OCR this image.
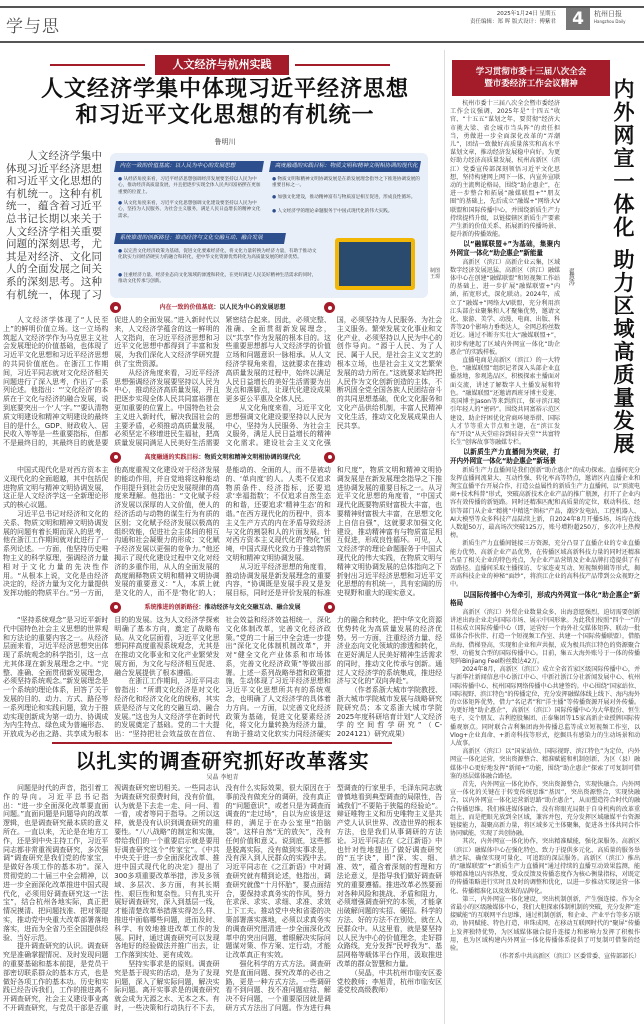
学与思
2025年1月24日 星期五
责任编辑：郑 晖 版式设计：傅紫君 4	杭州日报
Hangzhou Daily
人文经济与杭州实践
人文经济学集中体现习近平经济思想
和习近平文化思想的有机统一
鲁明川
人文经济学集中体现习近平经济思想和习近平文化思想的有机统一。这种有机统一，蕴含着习近平总书记长期以来关于人文经济学相关重要问题的深刻思考，尤其是对经济、文化同人的全面发展之间关系的深刻思考。这种有机统一，体现了习
内在一致的价值基底：以人民为中心的发展思想
● 从经济角度来看，习近平经济思想强调经济发展要坚持以人民为中心，推动经济高质量发展，并且把逐步实现全体人民共同富裕摆在更加重要的位置上。
● 从文化角度来看，习近平文化思想强调文化建设要坚持以人民为中心，坚持为人民服务、为社会主义服务，满足人民日益增长的精神文化需求。
高度融通的实践目标：物质文明和精神文明相协调的现代化
● 物质文明和精神文明协调发展是在新发展理念指导之下推进协调发展的重要目标之一。
● 加强文化建设，推动精神富有与物质富足相互促进，形成良性循环。
● 人文经济学的理论命题服务于中国式现代化的伟大实践。
系统推进的创新路径：推动经济与文化交融互动、融合发展
● 以完善文化经济政策为基础，促进文化要素经济化，将文化力量转换为经济力量，有助于推动文化软实力同经济硬实力的融合和转化，把中华文化资源优势转化为高质量发展的经济优势。
● 注重经济力量、经济业态向文化领域的渗透和转化，在更好满足人民美好精神生活需求的同时，推动文化传承与创新。
制图 王璟
内在一致的价值基底：以人民为中心的发展思想

人文经济学体现了“人民至上”的鲜明价值立场。这一立场构筑起人文经济学作为马克思主义社会发展理论的价值基础，也体现了习近平文化思想和习近平经济思想的共同价值底色。在浙江工作期间，习近平同志就对文化经济相关问题进行了深入思考，作出了一系列论述。他指出：“‘文化经济’的本质在于文化与经济的融合发展，说到底要突出一个‘人’字。”“要认清物质文明建设和精神文明建设的最终目的是什么，GDP、财政收入、居民收入等等是一些重要指标，但都不是最终目的，其最终目的就是要促进人的全面发展。”进入新时代以来，人文经济学蕴含的这一鲜明的人文指向，在习近平经济思想和习近平文化思想中都得到了丰富和发展，为我们深化人文经济学研究提供了宝贵资源。

从经济角度来看，习近平经济思想强调经济发展要坚持以人民为中心，推动经济高质量发展，并且把逐步实现全体人民共同富裕摆在更加重要的位置上。中国特色社会主义进入新时代，解决我国社会的主要矛盾，必须推动高质量发展，必须坚定不移增进民生福祉，把高质量发展同满足人民美好生活需要紧密结合起来。因此，必须完整、准确、全面贯彻新发展理念，以“共享”作为发展的根本目的。这些重要思想都与人文经济学的价值立场和问题意识一脉相承。从人文经济学视角来看，这就要求在推动高质量发展的过程中，始终以满足人民日益增长的美好生活需要为出发点和落脚点，让现代化建设成果更多更公平惠及全体人民。

从文化角度来看，习近平文化思想强调文化建设要坚持以人民为中心，坚持为人民服务、为社会主义服务，满足人民日益增长的精神文化需求。建设社会主义文化强国，必须坚持为人民服务、为社会主义服务。繁荣发展文化事业和文化产业，必须坚持以人民为中心的创作导向。“源于人民、为了人民、属于人民，是社会主义文艺的根本立场，也是社会主义文艺繁荣发展的动力所在。”这就要求始终把人民作为文化创新创造的主体，不断巩固全党全国各族人民团结奋斗的共同思想基础，优化文化服务和文化产品供给机制，丰富人民精神文化生活，推动文化发展成果由人民共享。

高度融通的实践目标：物质文明和精神文明相协调的现代化

中国式现代化是对西方资本主义现代化的全面超越，其中包括促进物质文明与精神文明协调发展，这正是人文经济学这一全新理论形式的核心议题。

习近平总书记对经济和文化的关系、物质文明和精神文明协调发展的问题有着长期而深入的思考，他在浙江工作期间就对此进行了一系列论述。一方面，他坚持历史唯物主义的科学原理，强调经济力量相对于文化力量的先决性作用。“从根本上说，文化是由经济决定的，经济力量为文化力量提供发挥功能的物质平台。”另一方面，他高度重视文化建设对于经济发展的能动作用，并自觉地将这种能动作用提升到社会历史发展规律的高度来理解。他指出：“文化赋予经济发展以深厚的人文价值，使人的经济活动与动物的谋生行为有质的区别；文化赋予经济发展以极高的组织效能，促进社会主体间的相互沟通和社会凝聚力的形成；文化赋予经济发展以更强的竞争力。”他还揭示了现代化建设过程中文化对经济的多重作用，从人的全面发展的高度阐释物质文明和精神文明协调发展的重要意义：“人，本质上就是文化的人，而不是‘物化’的人；是能动的、全面的人，而不是被动的、‘单向度’的人。人类不仅追求物质条件、经济指标，还要追求‘幸福指数’；不仅追求自然生态的和谐，还要追求‘精神生态’的和谐。”在西方现代化的历程中，资本主义生产方式的内在矛盾导致经济与文化的割裂和人的片面发展。针对西方资本主义现代化的“物化”困境，中国式现代化致力于推动物质文明和精神文明协调发展。

从习近平经济思想的角度看，推动协调发展是新发展理念的重要内容，“协调既是发展手段又是发展目标，同时还是评价发展的标准和尺度”，物质文明和精神文明协调发展是在新发展理念指导之下推进协调发展的重要目标之一。从习近平文化思想的角度看，“中国式现代化既要物质财富极大丰富，也要精神财富极大丰富，在思想文化上自信自强”，这就要求加强文化建设，推动精神富有与物质富足相互促进，形成良性循环。可见，人文经济学的理论命题服务于中国式现代化的伟大实践，在物质文明与精神文明协调发展的总体指向之下折射出习近平经济思想和习近平文化思想的有机统一，具有宏阔的历史视野和重大的现实意义。

系统推进的创新路径：推动经济与文化交融互动、融合发展

“坚持系统观念”是习近平新时代中国特色社会主义思想的世界观和方法论的重要内容之一。从经济层面来看，习近平经济思想突出体现了系统观念的科学指引，这一点尤其体现在新发展理念之中。“完整、准确、全面贯彻新发展理念，必须坚持系统观念。”新发展理念是一个系统的理论体系，回答了关于发展的目的、动力、方式、路径等一系列理论和实践问题，致力于推动实现创新成为第一动力、协调成为内生特点、绿色成为普遍形态、开放成为必由之路、共享成为根本目的的发展。这为人文经济学探索明确了基本方向，奠定了战略布局。从文化层面看，习近平文化思想同样高度重视系统观念，尤其是在推动文化事业和文化产业繁荣发展方面，为文化与经济相互促进、融合发展提供了根本遵循。

在浙江工作期间，习近平同志曾指出：“所谓文化经济是对文化经济化和经济文化化的统称，其实质是经济与文化的交融互动、融合发展。”这也为人文经济学在新时代的发展奠定了基础。党的二十大提出：“坚持把社会效益放在首位、社会效益和经济效益相统一，深化文化体制改革，完善文化经济政策。”党的二十届三中全会进一步提出“深化文化体制机制改革”，并对“健全文化产业体系和市场体系，完善文化经济政策”等做出部署。上述一系列战略举措和政策措施，生动体现了习近平经济思想和习近平文化思想所共有的系统观念，也明确了人文经济学的具体着力方向。一方面，以完善文化经济政策为基础，促进文化要素经济化，将文化力量转换为经济力量，有助于推动文化软实力同经济硬实力的融合和转化，把中华文化资源优势转化为高质量发展的经济优势。另一方面，注重经济力量、经济业态向文化领域的渗透和转化，在更好满足人民美好精神生活需求的同时，推动文化传承与创新。通过人文经济学的系统集成，推进经济与文化的“双向奔赴”。

（作者系浙大城市学院教授、浙大城市学院城市发展与战略研究院研究员；本文系浙大城市学院2025年度科研培育计划“人文经济学的空间哲学研究”（C-2024121）研究成果）

以扎实的调查研究抓好改革落实
吴晶 李旭青

问题是时代的声音，指引着工作的导向。习近平总书记指出：“进一步全面深化改革要直面问题。”直面问题是问题导向的改革逻辑，也是调查研究最本质的意义所在。一直以来，无论是在地方工作，还是到中央主持工作，习近平同志都非常重视调查研究，多次强调“调查研究是我们党的传家宝，是做好各项工作的基本功”。深入贯彻党的二十届三中全会精神，以进一步全面深化改革推进中国式现代化，必须用好调查研究这一“法宝”，结合杭州各地实际，真正把情况摸清、把问题找准、把对策提实，推动党中央重大改革部署落地落实，进而为全省乃至全国提供经验、当好示范。

提升调查研究的认识。调查研究是准确掌握情况、及时发现问题的重要基础和基本前提，是党员干部密切联系群众的基本方式，也是做好各项工作的基本功。历史和实践已经告诉我们，工作的推进离不开调查研究，社会主义建设事业离不开调查研究，与党员干部是否重视调查研究密切相关。一些同志认为调查研究很费时间，没有价值，认为就是下去走一走、问一问、看一看，或者等同于指导。之所以这样，就是没有认识到调查研究的重要性。“八八战略”的制定和实施，带给我们的一个重要启示就是要用好调查研究这个“传家宝”。《中共中央关于进一步全面深化改革、推进中国式现代化的决定》提出了300多项重要改革举措，涉及多领域、多层次、多方面，有其长期性、艰巨性和复杂性。只有扎实开展好调查研究，深入到基层一线，才能清楚改革举措落实得怎么样、推进中面临哪些问题，进而及时、科学、有效地推进改革工作的发展。同时，通过调查研究可以发现各地好的经验做法并推广出去，让工作落到实处、更有成效。

坚持实事求是的原则。调查研究是基于现实的活动，是为了发现问题，深入了解实际问题，解决实际问题。离开实事求是的调查研究就会成为无源之水、无本之木。有时，一些决策和行动执行不下去，没有什么实际效果，很大原因在于事前没有做充分的调研，没有真正的“问题意识”，或者只是为调查而调查的“走过场”，自以为应该是这样的，满足于在办公室里“拍脑袋”。这样自然“无的放矢”，没有任何价值和意义。说到底，这些都是脱离实际，没有做到实事求是，没有深入到人民群众的实践中去。习近平同志在《之江新语》中对调查研究就有精到论述，他指出，调查研究就像“十月怀胎”，要点面结合，要保持求真务实的作风，努力在求深、求实、求细、求准、求效上下工夫。推动党中央和省委的决策部署落实落地，必须以求真务实的调查研究厘清进一步全面深化改革中的突出问题，着眼解决实际问题谋对策、作方案、定行动，才能让改革真正有实效。

强化科学的方式方法。调查研究是直面问题、探究改革的必由之路，更是一种方式方法。一些调研看不到问题、找不准问题症结、解决不好问题，一个重要原因就是调研方式方法出了问题。作为进行典型调查的行家里手，毛泽东同志就曾慎地看到典型调查的局限性，告诫我们“不要陷于狭隘的经验论”。辩证唯物主义和历史唯物主义是共产党人认识世界、改造世界的根本方法，也是我们从事调研的方法论。习近平同志在《之江新语》中也针对性地提出了做好调查研究的“五字诀”，即“深、实、细、准、效”，蕴含着深刻的哲理和方法论意义，是指导我们做好调查研究的重要遵循。推进改革必然要面对各种风险和挑战、矛盾和阻力，必须增强调查研究的本领，才能拿出破解问题的实招、硬招。科学的方法、好的方法不在别处，就在人民群众中。从这里看，就是要坚持以人民为中心的价值理念，走好群众路线，充分发挥“民呼我为”、基层网格等载体平台作用，汲取推进改革的群众智慧和力量。

（吴晶，中共杭州市临安区委党校教师；李旭青，杭州市临安区委党校高级教师）

学习贯彻市委十三届八次全会
暨市委经济工作会议精神	内外网宣一体化 助力区域高质量发展
翟慧涛

杭州市委十三届八次全会暨市委经济工作会议强调，2025年是“十四五”收官、“十五五”谋划之年，要贯彻“经济大市挑大梁、省会城市当头阵”的责任担当，勇做进一步全面深化改革的“弄潮儿”，团结一致做好高质量落实和高水平谋划文章，推动经济发展稳中向好。为更好助力经济高质量发展，杭州高新区（滨江）党委宣传部深刻领悟习近平文化思想，坚持构建网上网下一体、内宣外宣联动的主流舆论格局，围绕“助企惠企”，在进一步整合和拓展“融媒联盟+”“朋友圈”的基础上，先后成立“融媒+”网络大V联盟和国际传播中心，并围绕新质生产力持续提档升级，以链接辖区新质生产要素产生新的价值关系、拓展新的传播场景、提升新的传播效能。

以“融媒联盟+”为基础，集聚内外网宣一体化“助企惠企”新能量

高新区（滨江）高新企业云集，区域数字经济发展迅猛，高新区（滨江）融媒体中心在创建“融媒联盟”和短视频工作站的基础上，进一步扩展“融媒联盟+”内涵，拓宽形式，深化联动。2024年，成立了“融媒+”网络大V联盟，充分利用滨江头部企业聚集和人才聚集优势，邀请文化、旅游、美学、动漫、电商、出版、科普等20个影响力垂类达人，全网总粉丝数近亿。通过不断夯实壮大“融媒联盟+”，初步构建起了区域内外网宣一体化“助企惠企”的实践样板。

直播电商是高新区（滨江）的一大特色，“融媒联盟”组织记者深入头部企业直播基地，参观选品区，积极探索主播面对面交流，讲述了解数字人主播发展和特色。“融媒联盟”还邀请西班牙博主爱莲、英国博主Jason等来到滨江，探寻滨江吸引年轻人的“密码”。围绕共同富裕示范区建设、助企纾困优化营商环境举措、国际人才节等重大节点和主题，在“滨江发布”开设“从天堂硅谷到硅谷天堂”“共富特长生”创客故事等融媒专栏。

以新质生产力直播间为突破，打开内外网宣一体化“助企惠企”新场景

新质生产力直播间是我们创新“助企惠企”的成功探索。直播间充分发挥直播间流量大、互动性强、转化率高等特点，邀请区内直播企业和淘宝直播平台开展合作，打造公益属性的新质生产力直播间，以“顶流电商+技术科普”形式，突破高新技术企业产品的推广瓶颈，打开了企业内容有效传播的新链路。同时还精准匹配和高质量的定位，联动科技、经信等部门从企业“精挑”中精选“领标”产品，潮汐发电站、工控机器人、AI大模型等众多科技产品陆续上新，自2024年8月开播5场，场均在线人数超50万，最高场次突破125万，账号增粉超250万，多次冲上热搜榜。

新质生产力直播间链接三方资源，充分凸显了直播企业的专业直播能力优势、高新企业产品优势，在传播区域高新科技力量的同时还精准凸显了相关企业的特色亮点，为企业产品营销及企业品牌打造提供了有效路径。直播间采取主播探访、专家连麦互动、短视频剪辑等形式，揭开高科技企业的神秘“面纱”，将滨江企业的高科技产品带到公众视野之中。

以国际传播中心为牵引，形成内外网宣一体化“助企惠企”新格局

高新区（滨江）外贸企业数量众多、出海意愿强烈，迫切需要创新讲述出海企业走向国际市场、展示中国形象。为此我们按照“四个一”的目标成立国际传播中心（即，运营好一个海外社交媒体矩阵、联动一批媒体合作伙伴、打造一个短视频工作室、共建一个国际传播联盟），借船出海、借梯登高，实现和企业和声共振，成为极具滨江特色的资源聚合型、功能复合型的国际传播中心。目前，集五大海外账号于一体的传播矩阵Binjiang Feel粉丝数达42万。

2024年8月，高新区（滨江）成立全省首家区级国际传播中心，并与新华社新闻信息中心浙江中心、中新社浙江分社新闻发展中心、杭州国际传播中心、杭州国际网络传播中心共建签约。中心围绕“国家站位、国际视野、滨江特色”的传播定位，充分发挥融媒体线上线下、海内海外的立体矩阵优势，借力“名记者”和“洋主播”等传播资源开展对外传播。为更好地“助企惠企”，高新区（滨江）国际传播中心为大华股份、恒生电子、交个朋友、吉利控股集团、正泰集团等15家高新企业授牌国际传播观察点。同时联合吉利集团海外传播总监等成立短视频工作室，以Vlog+企业真命、+新奇科技等形式，挖掘具有感染力的生动场景和动人故事。

高新区（滨江）以“国家站位、国际视野、滨江特色”为定位，内外网宣一体化运营，突出资源整合、精准赋能和机制创新，为区（县）融媒体中心更好地发挥“新闻+”功能，围绕“助企惠企”探索了可复制可借鉴的基层媒体融合路径。

首先，内外网宣一体化协作，突出资源整合，实现快融合。内外网宣一体化的关键在于转变传统思维“基因”，突出资源整合，实现快融合，以内外网宣一体化运营新思路“助企惠企”，从而塑造符合时代的融合传播思维。我们推进媒体融合，没有将眼光局限于自身机构的改革重组上，而是把眼光放到全区域，兼容并包，充分发挥区域融媒平台资源链接能力，凝聚高新力量，将区域多元主体聚集，促进各主体共同合作协同赋能，实现了共创协融。

其次，内外网宣一体化协作，突出精准赋能，强化深服务。高新区（滨江）融媒体中心在强化特色、致力于提供多元化、高质量的服务举措之际，确保实现可量化、可追踪的深层服务。高新区（滨江）推出的“融媒联盟”+“新质生产力直播间”通过持续的直播互动效果监测，能够精准地以内容热度、受众反馈及传播态度作为核心衡量指标，对既定的传播策略进行实时且及时的调整和优化，以进一步推动实现运营一体化、传播精准化以及效果的品牌化。

第三，内外网宣一体化建设，突出机制创新，产生强连接。作为全省最小的区级融媒体中心，我们大胆探索体制机制的突破，充分发挥“连接赋能”的互联网平台思维，通过机制创新，和企业、产业平台等多方联动，协同赋能、特色打造，串珠成网，在移动互联网时代的“聚屏”传播上发挥独特优势，为区域媒体融合提升连接力和影响力发挥了积极作用，也为区域构建内外网宣一体化传播体系提供了可复制可借鉴的经验。

（作者系中共高新区（滨江）区委常委、宣传部部长）
